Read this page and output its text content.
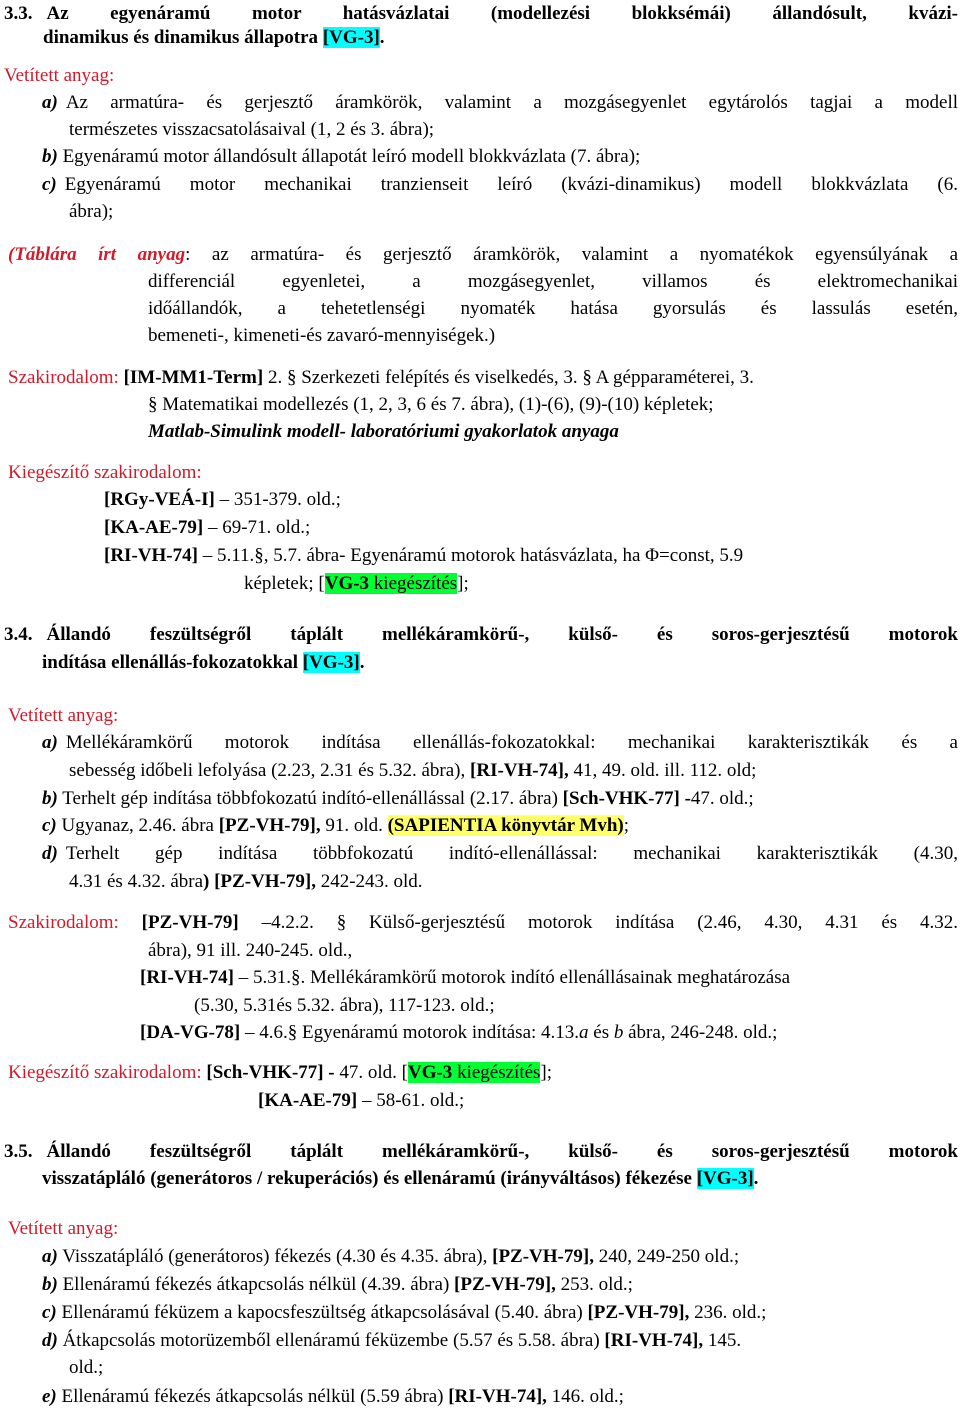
3.3. Az egyenáramú motor hatásvázlatai (modellezési blokksémái) állandósult, kvázi-
dinamikus és dinamikus állapotra [VG-3].
Vetített anyag:
a) Az armatúra- és gerjesztő áramkörök, valamint a mozgásegyenlet egytárolós tagjai a modell
természetes visszacsatolásaival (1, 2 és 3. ábra);
b) Egyenáramú motor állandósult állapotát leíró modell blokkvázlata (7. ábra);
c) Egyenáramú motor mechanikai tranzienseit leíró (kvázi-dinamikus) modell blokkvázlata (6.
ábra);
(Táblára írt anyag: az armatúra- és gerjesztő áramkörök, valamint a nyomatékok egyensúlyának a
differenciál egyenletei, a mozgásegyenlet, villamos és elektromechanikai
időállandók, a tehetetlenségi nyomaték hatása gyorsulás és lassulás esetén,
bemeneti-, kimeneti-és zavaró-mennyiségek.)
Szakirodalom: [IM-MM1-Term] 2. § Szerkezeti felépítés és viselkedés, 3. § A gépparaméterei, 3.
§ Matematikai modellezés (1, 2, 3, 6 és 7. ábra), (1)-(6), (9)-(10) képletek;
Matlab-Simulink modell- laboratóriumi gyakorlatok anyaga
Kiegészítő szakirodalom:
[RGy-VEÁ-I] – 351-379. old.;
[KA-AE-79] – 69-71. old.;
[RI-VH-74] – 5.11.§, 5.7. ábra- Egyenáramú motorok hatásvázlata, ha Φ=const, 5.9
képletek; [VG-3 kiegészítés];
3.4. Állandó feszültségről táplált mellékáramkörű-, külső- és soros-gerjesztésű motorok
indítása ellenállás-fokozatokkal [VG-3].
Vetített anyag:
a) Mellékáramkörű motorok indítása ellenállás-fokozatokkal: mechanikai karakterisztikák és a
sebesség időbeli lefolyása (2.23, 2.31 és 5.32. ábra), [RI-VH-74], 41, 49. old. ill. 112. old;
b) Terhelt gép indítása többfokozatú indító-ellenállással (2.17. ábra) [Sch-VHK-77] -47. old.;
c) Ugyanaz, 2.46. ábra [PZ-VH-79], 91. old. (SAPIENTIA könyvtár Mvh);
d) Terhelt gép indítása többfokozatú indító-ellenállással: mechanikai karakterisztikák (4.30,
4.31 és 4.32. ábra) [PZ-VH-79], 242-243. old.
Szakirodalom: [PZ-VH-79] –4.2.2. § Külső-gerjesztésű motorok indítása (2.46, 4.30, 4.31 és 4.32.
ábra), 91 ill. 240-245. old.,
[RI-VH-74] – 5.31.§. Mellékáramkörű motorok indító ellenállásainak meghatározása
(5.30, 5.31és 5.32. ábra), 117-123. old.;
[DA-VG-78] – 4.6.§ Egyenáramú motorok indítása: 4.13.a és b ábra, 246-248. old.;
Kiegészítő szakirodalom: [Sch-VHK-77] - 47. old. [VG-3 kiegészítés];
[KA-AE-79] – 58-61. old.;
3.5. Állandó feszültségről táplált mellékáramkörű-, külső- és soros-gerjesztésű motorok
visszatápláló (generátoros / rekuperációs) és ellenáramú (irányváltásos) fékezése [VG-3].
Vetített anyag:
a) Visszatápláló (generátoros) fékezés (4.30 és 4.35. ábra), [PZ-VH-79], 240, 249-250 old.;
b) Ellenáramú fékezés átkapcsolás nélkül (4.39. ábra) [PZ-VH-79], 253. old.;
c) Ellenáramú féküzem a kapocsfeszültség átkapcsolásával (5.40. ábra) [PZ-VH-79], 236. old.;
d) Átkapcsolás motorüzemből ellenáramú féküzembe (5.57 és 5.58. ábra) [RI-VH-74], 145.
old.;
e) Ellenáramú fékezés átkapcsolás nélkül (5.59 ábra) [RI-VH-74], 146. old.;
